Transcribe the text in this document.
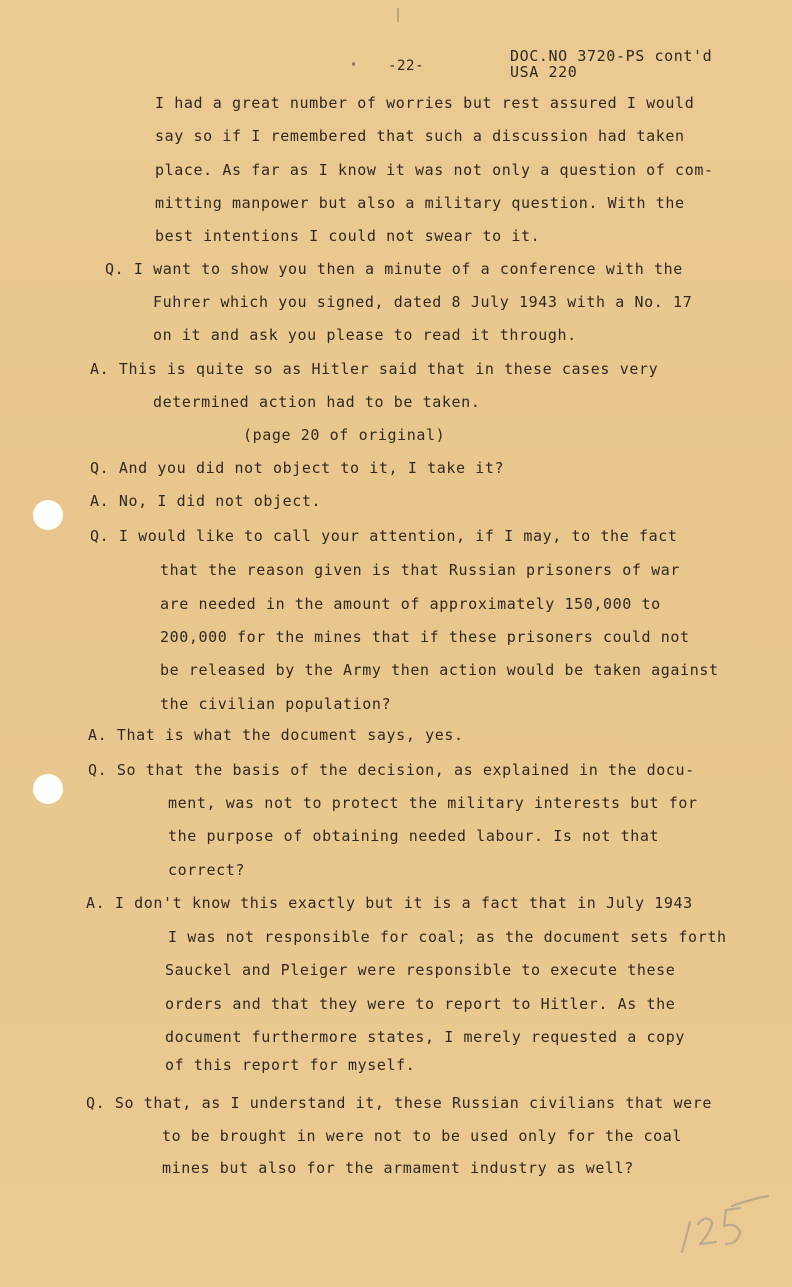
-22-
DOC.NO 3720-PS cont'd
USA 220
I had a great number of worries but rest assured I would
say so if I remembered that such a discussion had taken
place. As far as I know it was not only a question of com-
mitting manpower but also a military question. With the
best intentions I could not swear to it.
Q. I want to show you then a minute of a conference with the
Fuhrer which you signed, dated 8 July 1943 with a No. 17
on it and ask you please to read it through.
A. This is quite so as Hitler said that in these cases very
determined action had to be taken.
(page 20 of original)
Q. And you did not object to it, I take it?
A. No, I did not object.
Q. I would like to call your attention, if I may, to the fact
that the reason given is that Russian prisoners of war
are needed in the amount of approximately 150,000 to
200,000 for the mines that if these prisoners could not
be released by the Army then action would be taken against
the civilian population?
A. That is what the document says, yes.
Q. So that the basis of the decision, as explained in the docu-
ment, was not to protect the military interests but for
the purpose of obtaining needed labour. Is not that
correct?
A. I don't know this exactly but it is a fact that in July 1943
I was not responsible for coal; as the document sets forth
Sauckel and Pleiger were responsible to execute these
orders and that they were to report to Hitler. As the
document furthermore states, I merely requested a copy
of this report for myself.
Q. So that, as I understand it, these Russian civilians that were
to be brought in were not to be used only for the coal
mines but also for the armament industry as well?
